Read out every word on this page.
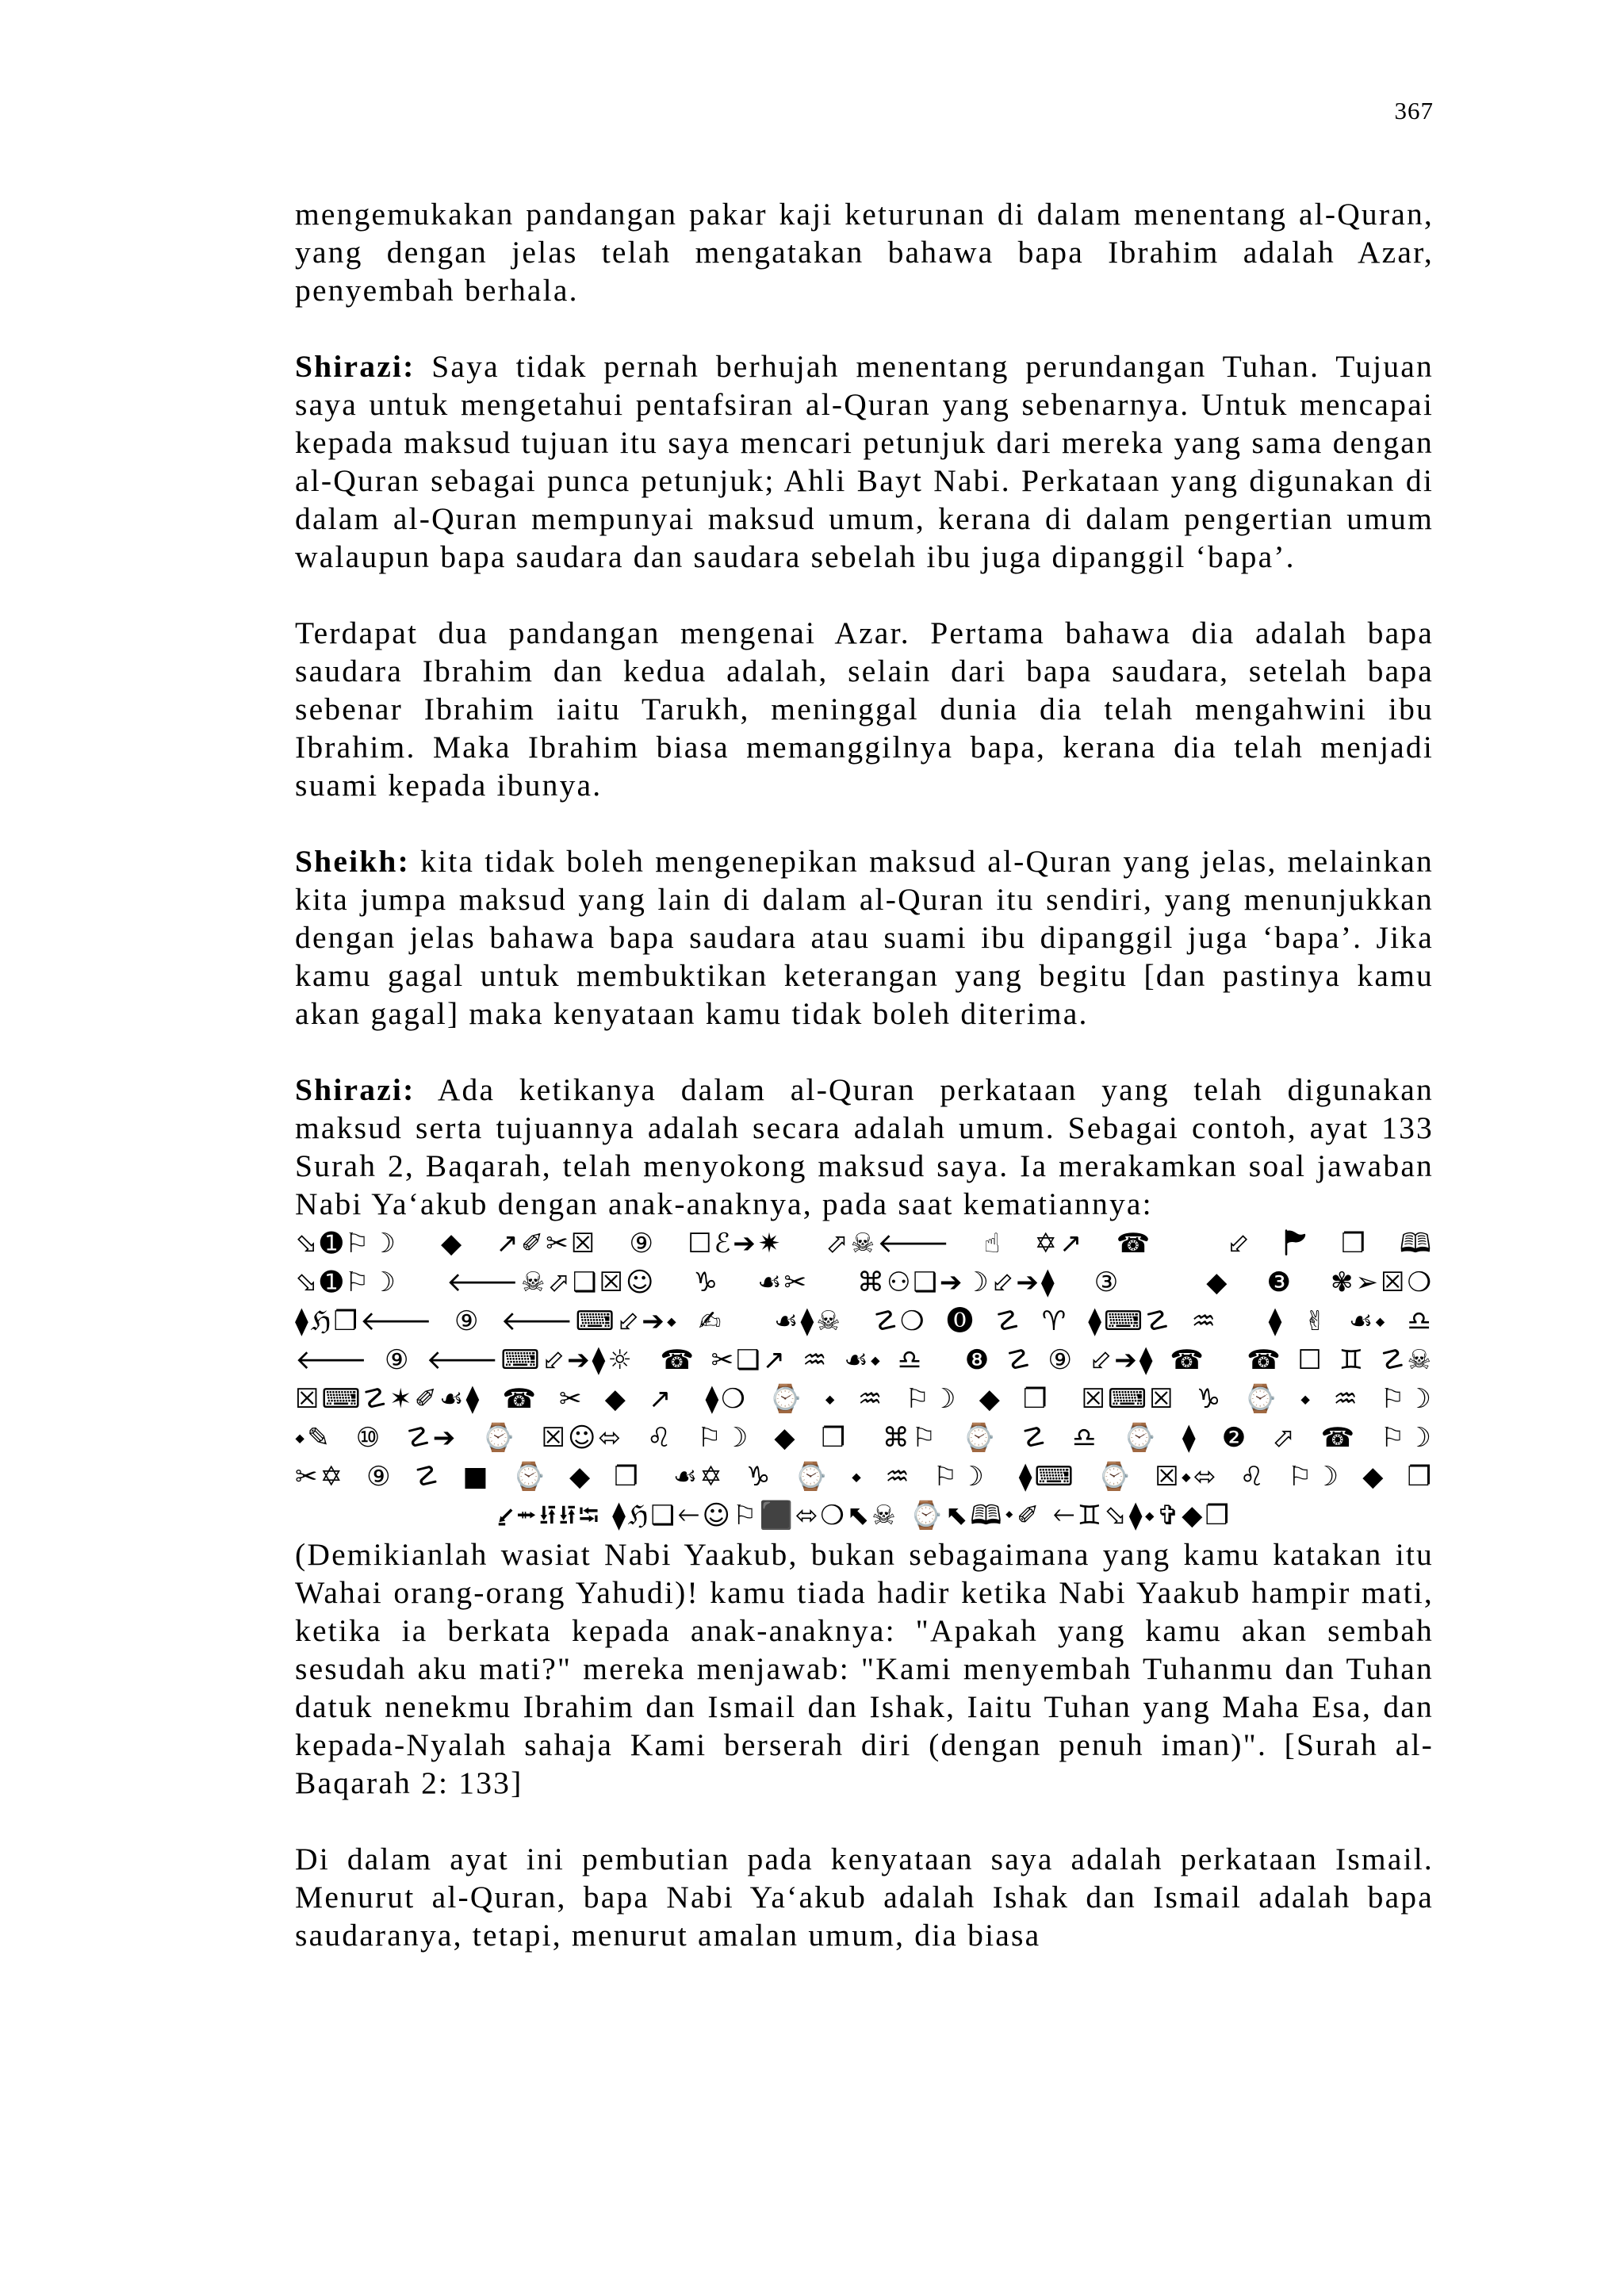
367

mengemukakan pandangan pakar kaji keturunan di dalam menentang al-Quran, yang dengan jelas telah mengatakan bahawa bapa Ibrahim adalah Azar, penyembah berhala.

Shirazi: Saya tidak pernah berhujah menentang perundangan Tuhan. Tujuan saya untuk mengetahui pentafsiran al-Quran yang sebenarnya. Untuk mencapai kepada maksud tujuan itu saya mencari petunjuk dari mereka yang sama dengan al-Quran sebagai punca petunjuk; Ahli Bayt Nabi. Perkataan yang digunakan di dalam al-Quran mempunyai maksud umum, kerana di dalam pengertian umum walaupun bapa saudara dan saudara sebelah ibu juga dipanggil ‘bapa’.

Terdapat dua pandangan mengenai Azar. Pertama bahawa dia adalah bapa saudara Ibrahim dan kedua adalah, selain dari bapa saudara, setelah bapa sebenar Ibrahim iaitu Tarukh, meninggal dunia dia telah mengahwini ibu Ibrahim. Maka Ibrahim biasa memanggilnya bapa, kerana dia telah menjadi suami kepada ibunya.

Sheikh: kita tidak boleh mengenepikan maksud al-Quran yang jelas, melainkan kita jumpa maksud yang lain di dalam al-Quran itu sendiri, yang menunjukkan dengan jelas bahawa bapa saudara atau suami ibu dipanggil juga ‘bapa’. Jika kamu gagal untuk membuktikan keterangan yang begitu [dan pastinya kamu akan gagal] maka kenyataan kamu tidak boleh diterima.

Shirazi: Ada ketikanya dalam al-Quran perkataan yang telah digunakan maksud serta tujuannya adalah secara adalah umum. Sebagai contoh, ayat 133 Surah 2, Baqarah, telah menyokong maksud saya. Ia merakamkan soal jawaban Nabi Ya‘akub dengan anak-anaknya, pada saat kematiannya:

⬂➊⚐☽ ◆↗✐✂☒⑨☐ℰ➔✷ ⬀☠🡐☝✡↗☎ ⬃🏲❐🕮
⬂➊⚐☽ 🡐☠⬀❑☒☺♑☙✂ ⌘⚇❑➔☽⬃➔⧫③ ◆❸✾➢☒❍
⧫ℌ❐🡐⑨🡐⌨⬃➔⬩✍ ☙⧫☠ ☡❍⓿☡♈⧫⌨☡♒ ⧫✌☙⬩♎
🡐⑨🡐⌨⬃➔⧫☼ ☎✂❑↗♒☙⬩♎ ❽☡⑨⬃➔⧫☎ ☎☐♊☡☠
☒⌨☡✶✐☙⧫☎✂◆↗ ⧫❍⌚⬩♒⚐☽◆❐ ☒⌨☒♑⌚⬩♒⚐☽
⬩✎⑩☡➔⌚☒☺⬄♌⚐☽◆❐ ⌘⚐⌚☡♎⌚⧫❷⬀☎⚐☽
✂✡⑨☡■⌚◆❐ ☙✡♑⌚⬩♒⚐☽ ⧫⌨⌚☒⬩⬄♌⚐☽◆❐
⭹⭼⭿⭿⭾ ⧫ℌ❑🡐☺⚐⬛⬄❍⬉☠ ⌚⬉🕮⬩✐ 🡐♊⬂⧫⬩✞◆❐

(Demikianlah wasiat Nabi Yaakub, bukan sebagaimana yang kamu katakan itu Wahai orang-orang Yahudi)! kamu tiada hadir ketika Nabi Yaakub hampir mati, ketika ia berkata kepada anak-anaknya: "Apakah yang kamu akan sembah sesudah aku mati?" mereka menjawab: "Kami menyembah Tuhanmu dan Tuhan datuk nenekmu Ibrahim dan Ismail dan Ishak, Iaitu Tuhan yang Maha Esa, dan kepada-Nyalah sahaja Kami berserah diri (dengan penuh iman)". [Surah al-Baqarah 2: 133]

Di dalam ayat ini pembutian pada kenyataan saya adalah perkataan Ismail. Menurut al-Quran, bapa Nabi Ya‘akub adalah Ishak dan Ismail adalah bapa saudaranya, tetapi, menurut amalan umum, dia biasa
